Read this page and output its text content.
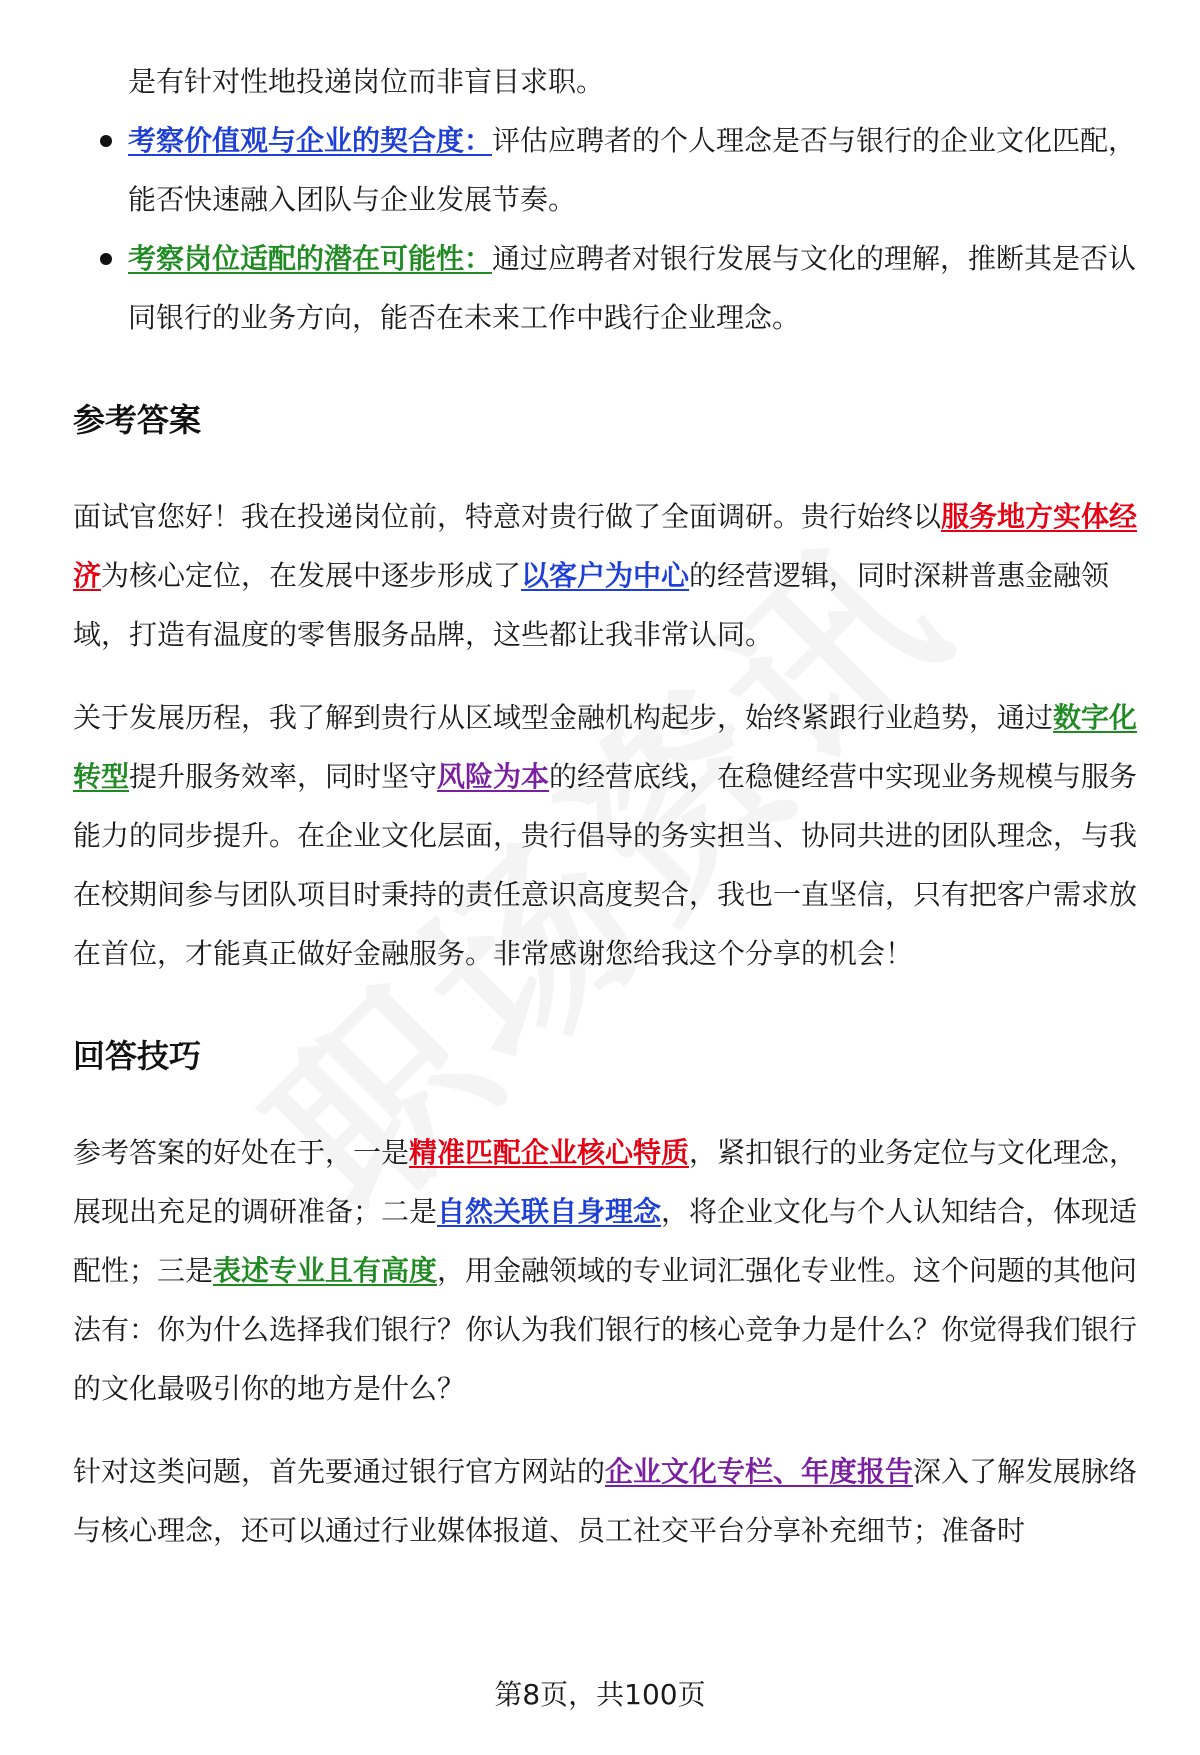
是有针对性地投递岗位而非盲目求职。

考察价值观与企业的契合度：评估应聘者的个人理念是否与银行的企业文化匹配，能否快速融入团队与企业发展节奏。
考察岗位适配的潜在可能性：通过应聘者对银行发展与文化的理解，推断其是否认同银行的业务方向，能否在未来工作中践行企业理念。
参考答案

面试官您好！我在投递岗位前，特意对贵行做了全面调研。贵行始终以服务地方实体经济为核心定位，在发展中逐步形成了以客户为中心的经营逻辑，同时深耕普惠金融领域，打造有温度的零售服务品牌，这些都让我非常认同。

关于发展历程，我了解到贵行从区域型金融机构起步，始终紧跟行业趋势，通过数字化转型提升服务效率，同时坚守风险为本的经营底线，在稳健经营中实现业务规模与服务能力的同步提升。在企业文化层面，贵行倡导的务实担当、协同共进的团队理念，与我在校期间参与团队项目时秉持的责任意识高度契合，我也一直坚信，只有把客户需求放在首位，才能真正做好金融服务。非常感谢您给我这个分享的机会！

回答技巧

参考答案的好处在于，一是精准匹配企业核心特质，紧扣银行的业务定位与文化理念，展现出充足的调研准备；二是自然关联自身理念，将企业文化与个人认知结合，体现适配性；三是表述专业且有高度，用金融领域的专业词汇强化专业性。这个问题的其他问法有：你为什么选择我们银行？你认为我们银行的核心竞争力是什么？你觉得我们银行的文化最吸引你的地方是什么？

针对这类问题，首先要通过银行官方网站的企业文化专栏、年度报告深入了解发展脉络与核心理念，还可以通过行业媒体报道、员工社交平台分享补充细节；准备时

第8页，共100页
